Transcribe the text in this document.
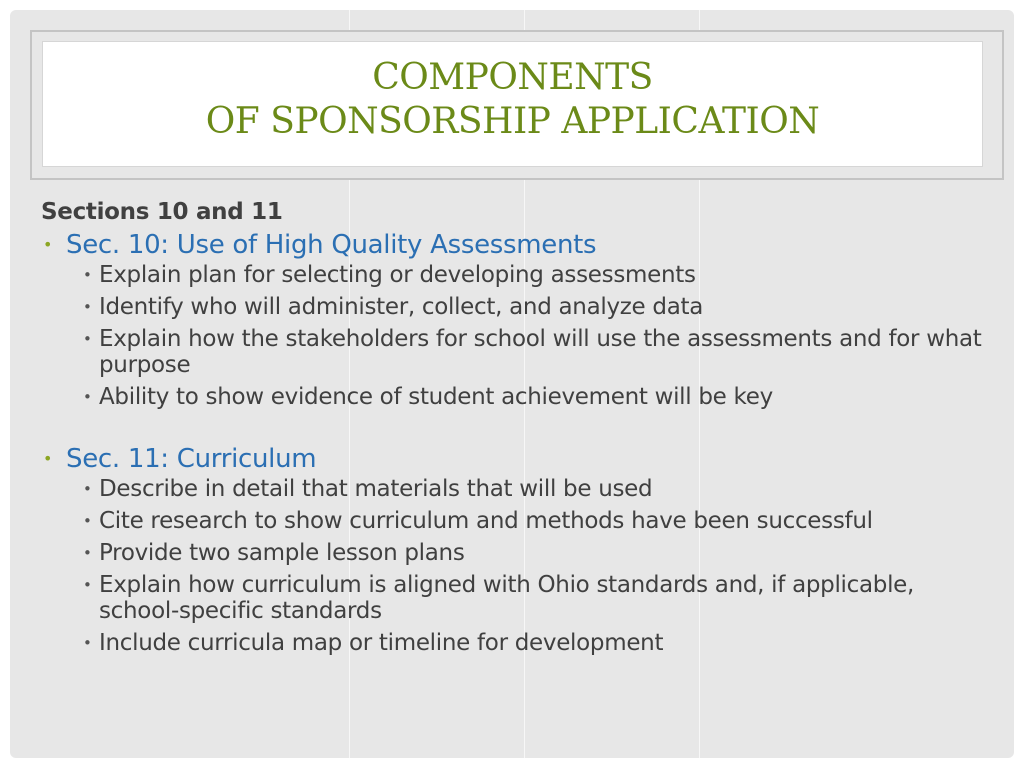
COMPONENTS
OF SPONSORSHIP APPLICATION
Sections 10 and 11
• Sec. 10: Use of High Quality Assessments
• Explain plan for selecting or developing assessments
• Identify who will administer, collect, and analyze data
• Explain how the stakeholders for school will use the assessments and for what purpose
• Ability to show evidence of student achievement will be key
• Sec. 11: Curriculum
• Describe in detail that materials that will be used
• Cite research to show curriculum and methods have been successful
• Provide two sample lesson plans
• Explain how curriculum is aligned with Ohio standards and, if applicable, school-specific standards
• Include curricula map or timeline for development
